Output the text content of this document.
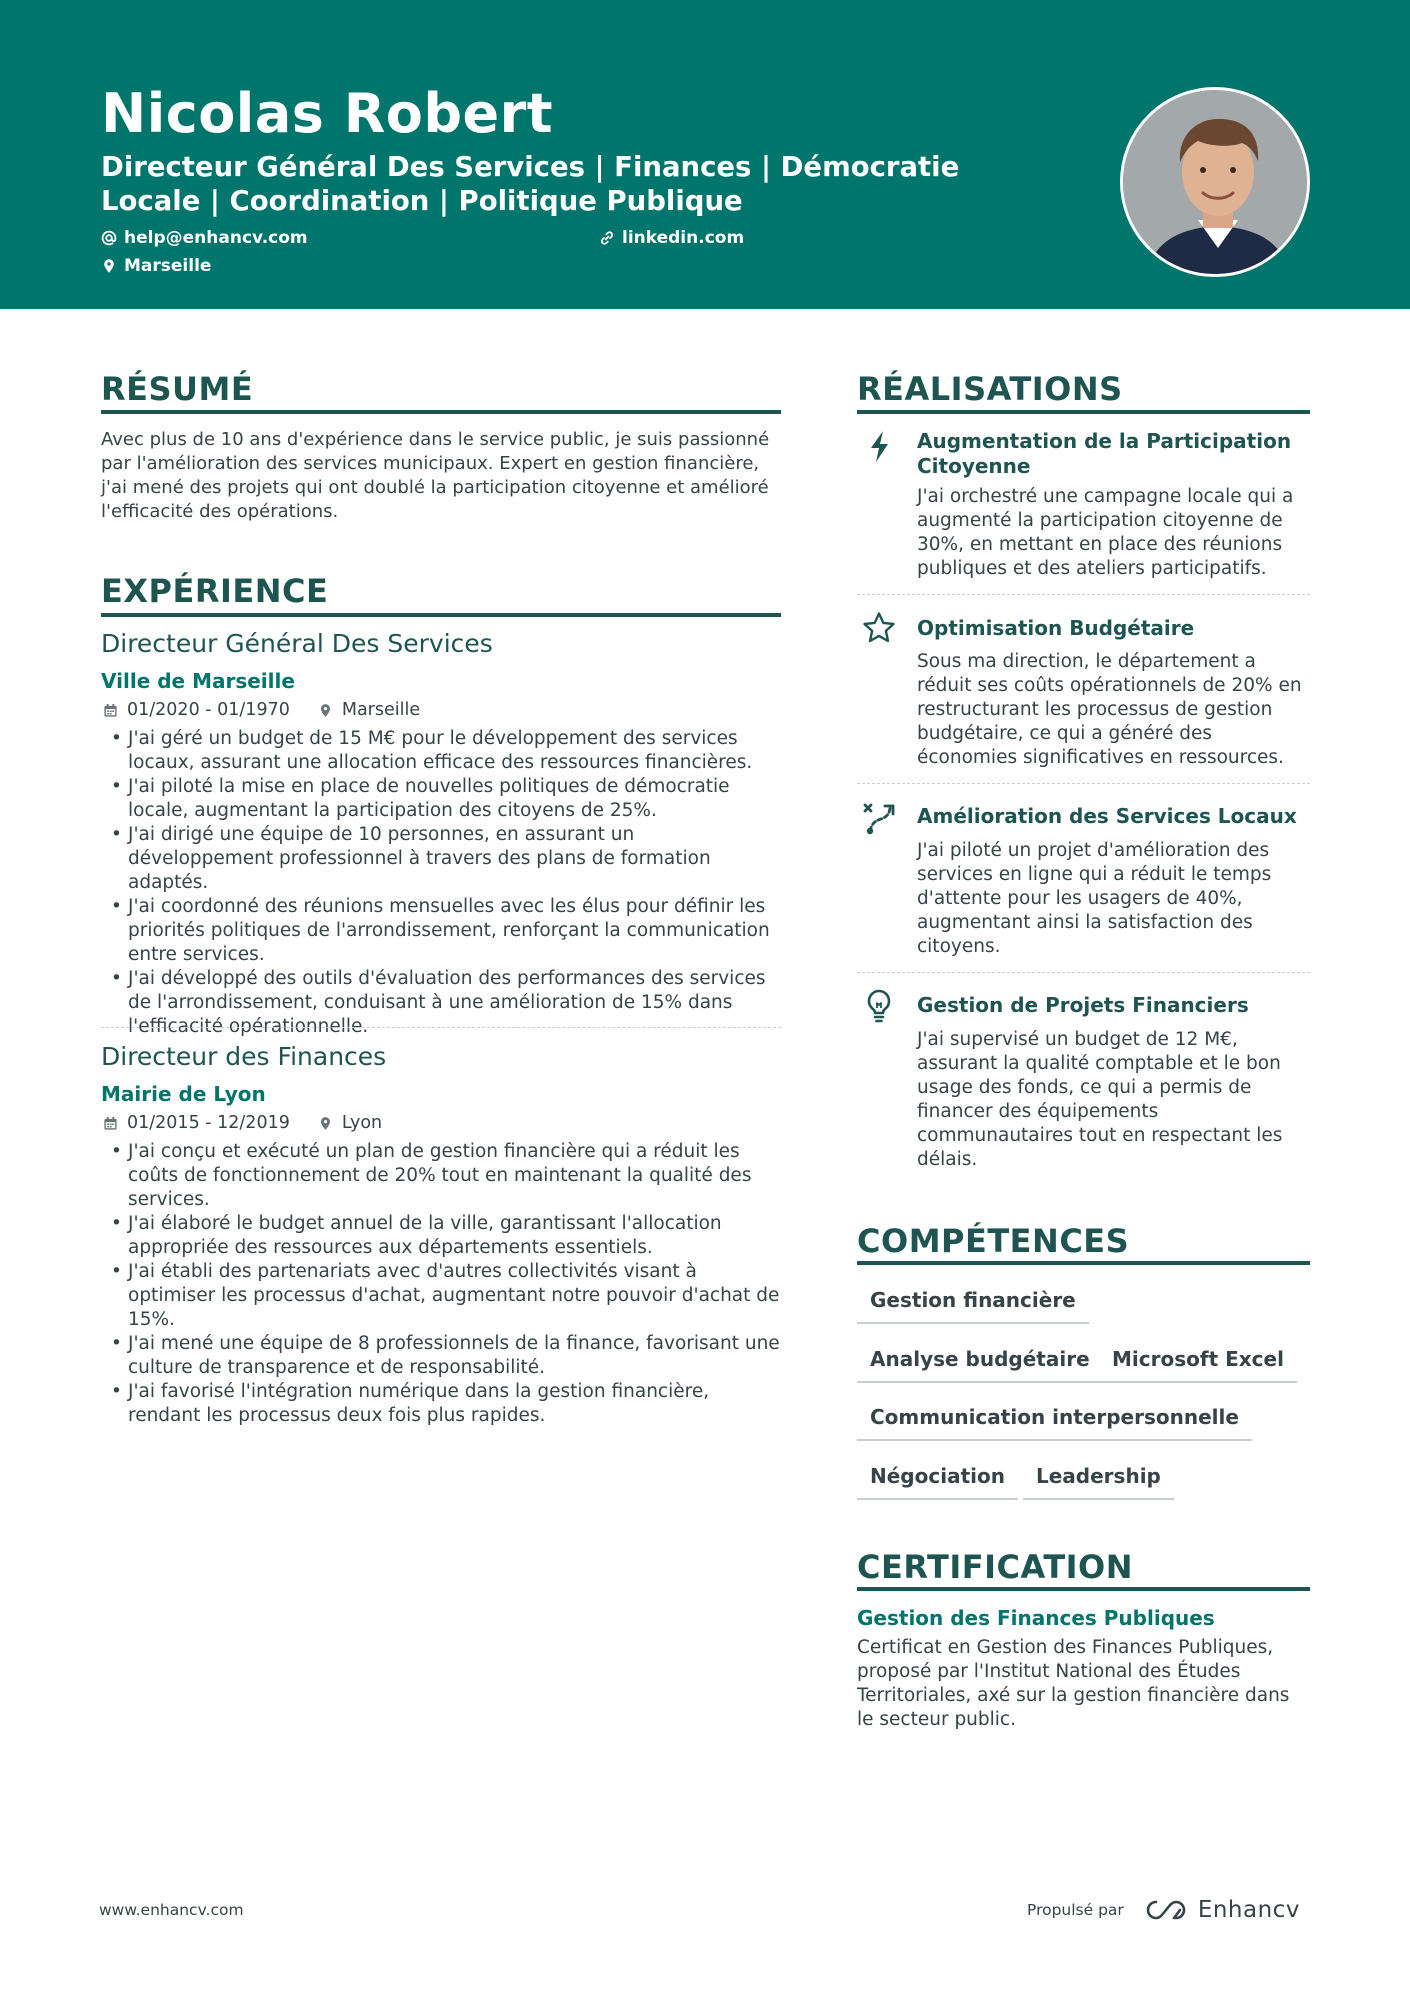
Nicolas Robert
Directeur Général Des Services | Finances | Démocratie Locale | Coordination | Politique Publique
help@enhancv.com	linkedin.com
Marseille
RÉSUMÉ
Avec plus de 10 ans d'expérience dans le service public, je suis passionné par l'amélioration des services municipaux. Expert en gestion financière, j'ai mené des projets qui ont doublé la participation citoyenne et amélioré l'efficacité des opérations.
EXPÉRIENCE
Directeur Général Des Services
Ville de Marseille
01/2020 - 01/1970	Marseille
• J'ai géré un budget de 15 M€ pour le développement des services locaux, assurant une allocation efficace des ressources financières.
• J'ai piloté la mise en place de nouvelles politiques de démocratie locale, augmentant la participation des citoyens de 25%.
• J'ai dirigé une équipe de 10 personnes, en assurant un développement professionnel à travers des plans de formation adaptés.
• J'ai coordonné des réunions mensuelles avec les élus pour définir les priorités politiques de l'arrondissement, renforçant la communication entre services.
• J'ai développé des outils d'évaluation des performances des services de l'arrondissement, conduisant à une amélioration de 15% dans l'efficacité opérationnelle.
Directeur des Finances
Mairie de Lyon
01/2015 - 12/2019	Lyon
• J'ai conçu et exécuté un plan de gestion financière qui a réduit les coûts de fonctionnement de 20% tout en maintenant la qualité des services.
• J'ai élaboré le budget annuel de la ville, garantissant l'allocation appropriée des ressources aux départements essentiels.
• J'ai établi des partenariats avec d'autres collectivités visant à optimiser les processus d'achat, augmentant notre pouvoir d'achat de 15%.
• J'ai mené une équipe de 8 professionnels de la finance, favorisant une culture de transparence et de responsabilité.
• J'ai favorisé l'intégration numérique dans la gestion financière, rendant les processus deux fois plus rapides.
RÉALISATIONS
Augmentation de la Participation Citoyenne
J'ai orchestré une campagne locale qui a augmenté la participation citoyenne de 30%, en mettant en place des réunions publiques et des ateliers participatifs.
Optimisation Budgétaire
Sous ma direction, le département a réduit ses coûts opérationnels de 20% en restructurant les processus de gestion budgétaire, ce qui a généré des économies significatives en ressources.
Amélioration des Services Locaux
J'ai piloté un projet d'amélioration des services en ligne qui a réduit le temps d'attente pour les usagers de 40%, augmentant ainsi la satisfaction des citoyens.
Gestion de Projets Financiers
J'ai supervisé un budget de 12 M€, assurant la qualité comptable et le bon usage des fonds, ce qui a permis de financer des équipements communautaires tout en respectant les délais.
COMPÉTENCES
Gestion financière
Analyse budgétaire	Microsoft Excel
Communication interpersonnelle
Négociation	Leadership
CERTIFICATION
Gestion des Finances Publiques
Certificat en Gestion des Finances Publiques, proposé par l'Institut National des Études Territoriales, axé sur la gestion financière dans le secteur public.
www.enhancv.com	Propulsé par	Enhancv
